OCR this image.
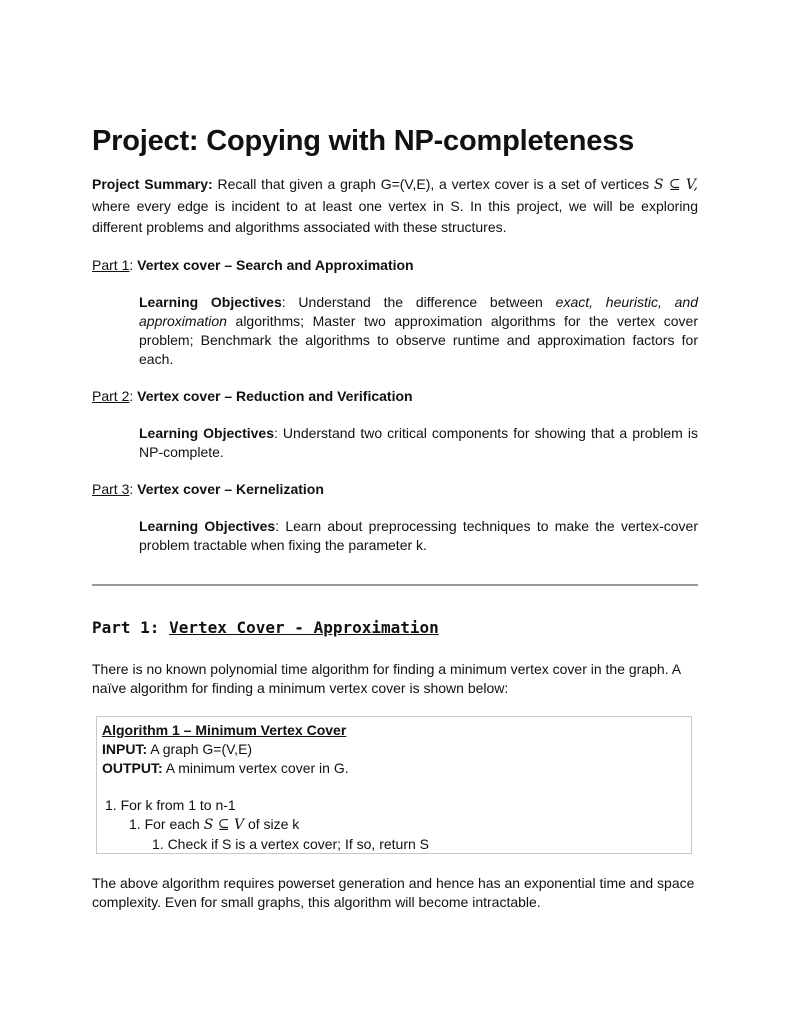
Project: Copying with NP-completeness
Project Summary: Recall that given a graph G=(V,E), a vertex cover is a set of vertices S ⊆ V, where every edge is incident to at least one vertex in S. In this project, we will be exploring different problems and algorithms associated with these structures.
Part 1: Vertex cover – Search and Approximation
Learning Objectives: Understand the difference between exact, heuristic, and approximation algorithms; Master two approximation algorithms for the vertex cover problem; Benchmark the algorithms to observe runtime and approximation factors for each.
Part 2: Vertex cover – Reduction and Verification
Learning Objectives: Understand two critical components for showing that a problem is NP-complete.
Part 3: Vertex cover – Kernelization
Learning Objectives: Learn about preprocessing techniques to make the vertex-cover problem tractable when fixing the parameter k.
Part 1: Vertex Cover - Approximation
There is no known polynomial time algorithm for finding a minimum vertex cover in the graph. A naïve algorithm for finding a minimum vertex cover is shown below:
Algorithm 1 – Minimum Vertex Cover
INPUT: A graph G=(V,E)
OUTPUT: A minimum vertex cover in G.
1. For k from 1 to n-1
1. For each S ⊆ V of size k
1. Check if S is a vertex cover; If so, return S
The above algorithm requires powerset generation and hence has an exponential time and space complexity. Even for small graphs, this algorithm will become intractable.
